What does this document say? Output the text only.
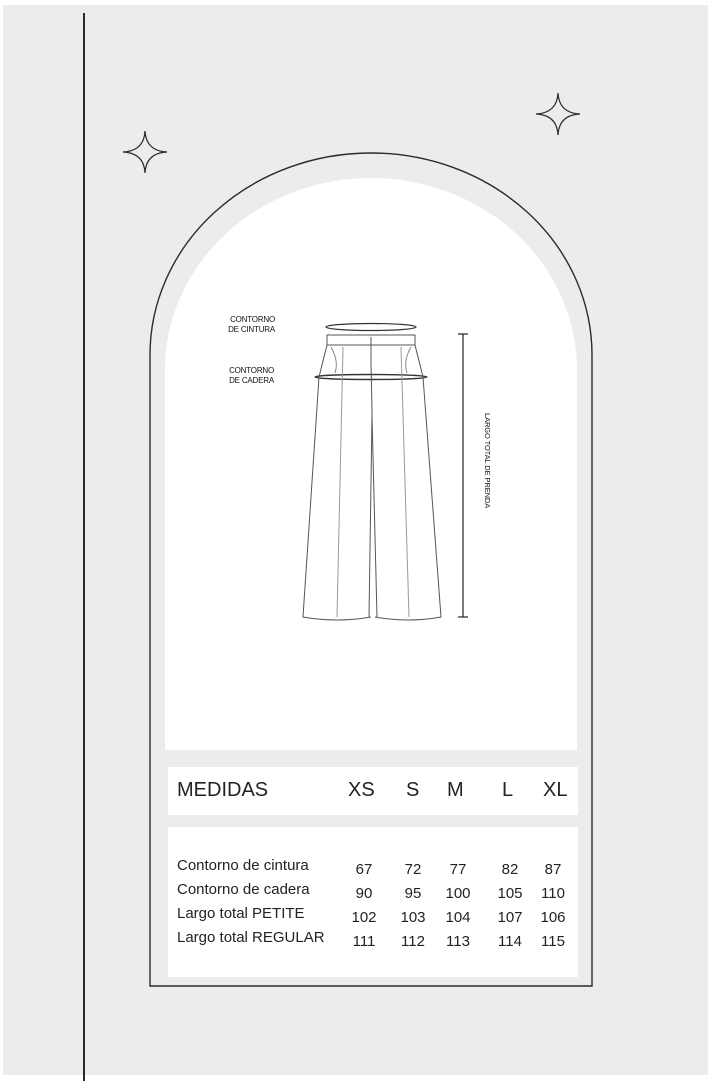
CONTORNO
DE CINTURA
CONTORNO
DE CADERA
LARGO TOTAL DE PRENDA
MEDIDAS	XS S M L XL
Contorno de cintura	67	72	77	82	87
Contorno de cadera	90	95	100	105	110
Largo total PETITE	102	103	104	107	106
Largo total REGULAR	111	112	113	114	115
